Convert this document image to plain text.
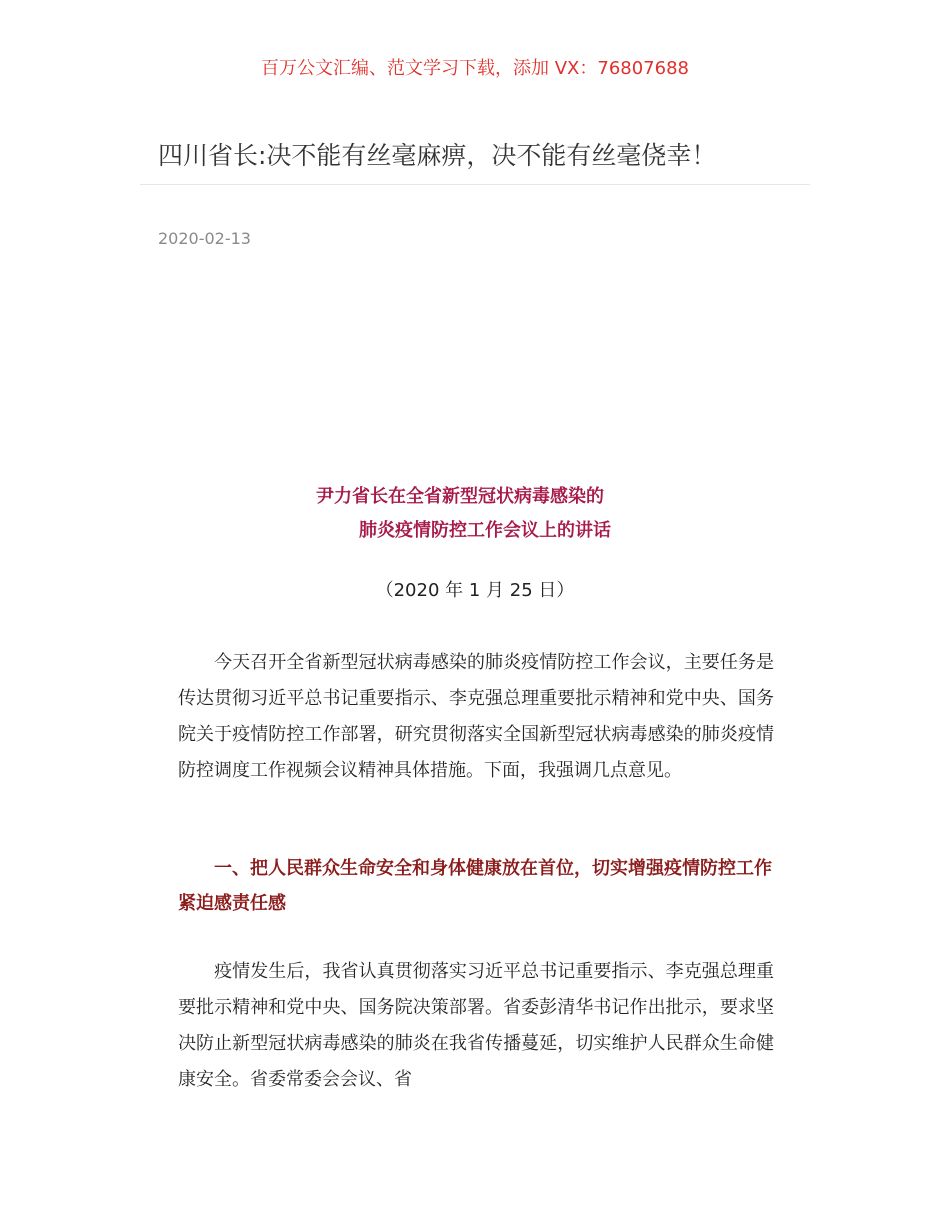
百万公文汇编、范文学习下载，添加 VX：76807688
四川省长:决不能有丝毫麻痹，决不能有丝毫侥幸！
2020-02-13
尹力省长在全省新型冠状病毒感染的
肺炎疫情防控工作会议上的讲话
（2020 年 1 月 25 日）

今天召开全省新型冠状病毒感染的肺炎疫情防控工作会议，主要任务是传达贯彻习近平总书记重要指示、李克强总理重要批示精神和党中央、国务院关于疫情防控工作部署，研究贯彻落实全国新型冠状病毒感染的肺炎疫情防控调度工作视频会议精神具体措施。下面，我强调几点意见。

一、把人民群众生命安全和身体健康放在首位，切实增强疫情防控工作紧迫感责任感

疫情发生后，我省认真贯彻落实习近平总书记重要指示、李克强总理重要批示精神和党中央、国务院决策部署。省委彭清华书记作出批示，要求坚决防止新型冠状病毒感染的肺炎在我省传播蔓延，切实维护人民群众生命健康安全。省委常委会会议、省
